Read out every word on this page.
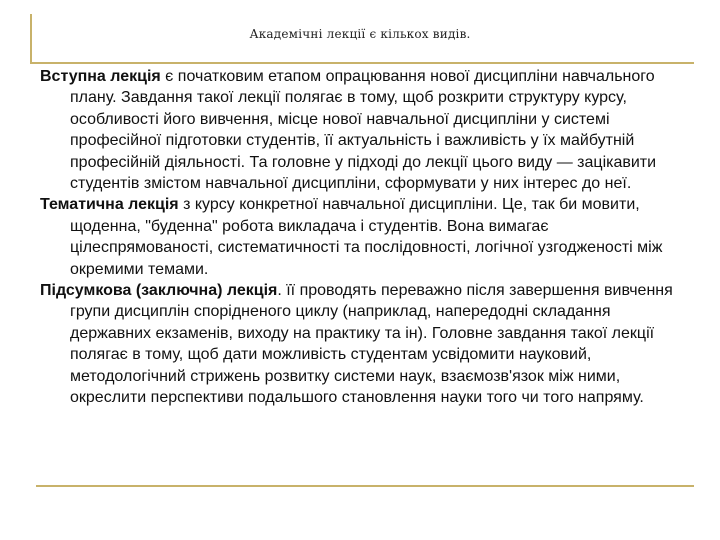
Академічні лекції є кількох видів.

Вступна лекція є початковим етапом опрацювання нової дисципліни навчального плану. Завдання такої лекції полягає в тому, щоб розкрити структуру курсу, особливості його вивчення, місце нової навчальної дисципліни у системі професійної підготовки студентів, її актуальність і важливість у їх майбутній професійній діяльності. Та головне у підході до лекції цього виду — зацікавити студентів змістом навчальної дисципліни, сформувати у них інтерес до неї.

Тематична лекція з курсу конкретної навчальної дисципліни. Це, так би мовити, щоденна, "буденна" робота викладача і студентів. Вона вимагає цілеспрямованості, систематичності та послідовності, логічної узгодженості між окремими темами.

Підсумкова (заключна) лекція. її проводять переважно після завершення вивчення групи дисциплін спорідненого циклу (наприклад, напередодні складання державних екзаменів, виходу на практику та ін). Головне завдання такої лекції полягає в тому, щоб дати можливість студентам усвідомити науковий, методологічний стрижень розвитку системи наук, взаємозв'язок між ними, окреслити перспективи подальшого становлення науки того чи того напряму.
